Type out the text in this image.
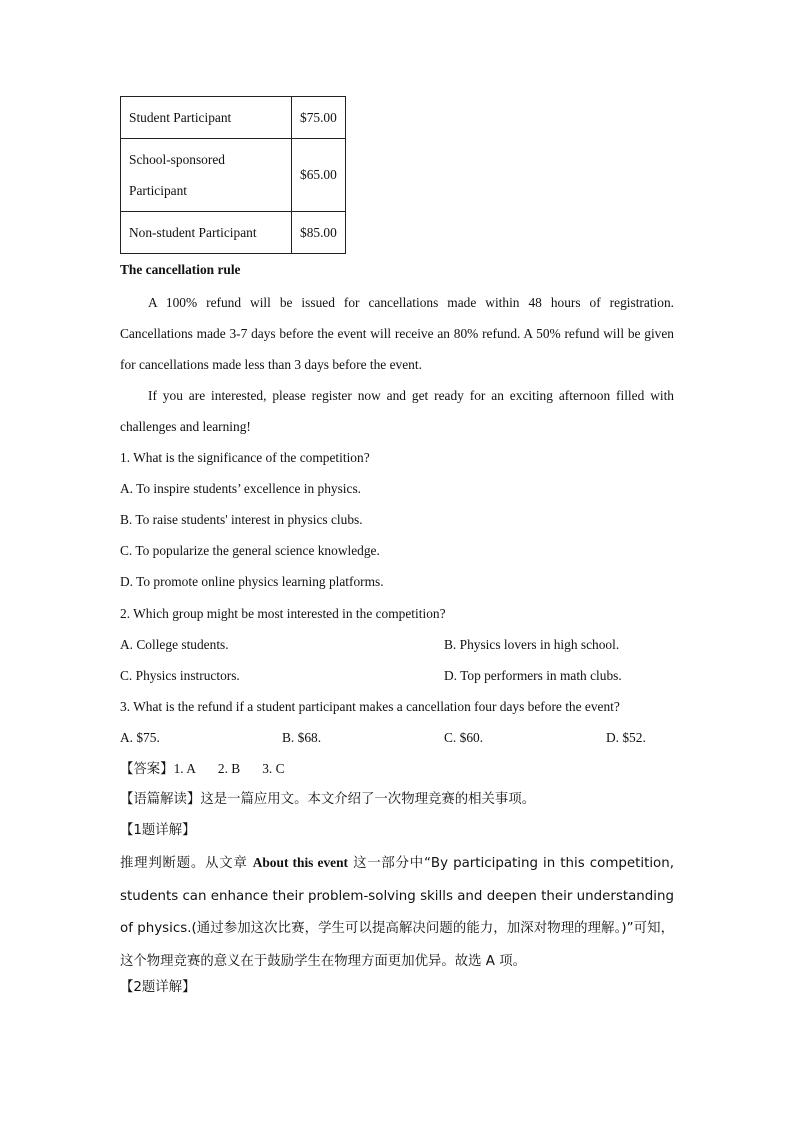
Student Participant	$75.00
School-sponsored
Participant	$65.00
Non-student Participant	$85.00
The cancellation rule
A 100% refund will be issued for cancellations made within 48 hours of registration. Cancellations made 3-7 days before the event will receive an 80% refund. A 50% refund will be given for cancellations made less than 3 days before the event.
If you are interested, please register now and get ready for an exciting afternoon filled with challenges and learning!
1. What is the significance of the competition?
A. To inspire students’ excellence in physics.
B. To raise students' interest in physics clubs.
C. To popularize the general science knowledge.
D. To promote online physics learning platforms.
2. Which group might be most interested in the competition?
A. College students.	B. Physics lovers in high school.
C. Physics instructors.	D. Top performers in math clubs.
3. What is the refund if a student participant makes a cancellation four days before the event?
A. $75.	B. $68.	C. $60.	D. $52.
【答案】1. A 2. B 3. C
【语篇解读】这是一篇应用文。本文介绍了一次物理竞赛的相关事项。
【1题详解】
推理判断题。从文章 About this event 这一部分中“By participating in this competition, students can enhance their problem-solving skills and deepen their understanding of physics.(通过参加这次比赛，学生可以提高解决问题的能力，加深对物理的理解。)”可知，这个物理竞赛的意义在于鼓励学生在物理方面更加优异。故选 A 项。
【2题详解】
